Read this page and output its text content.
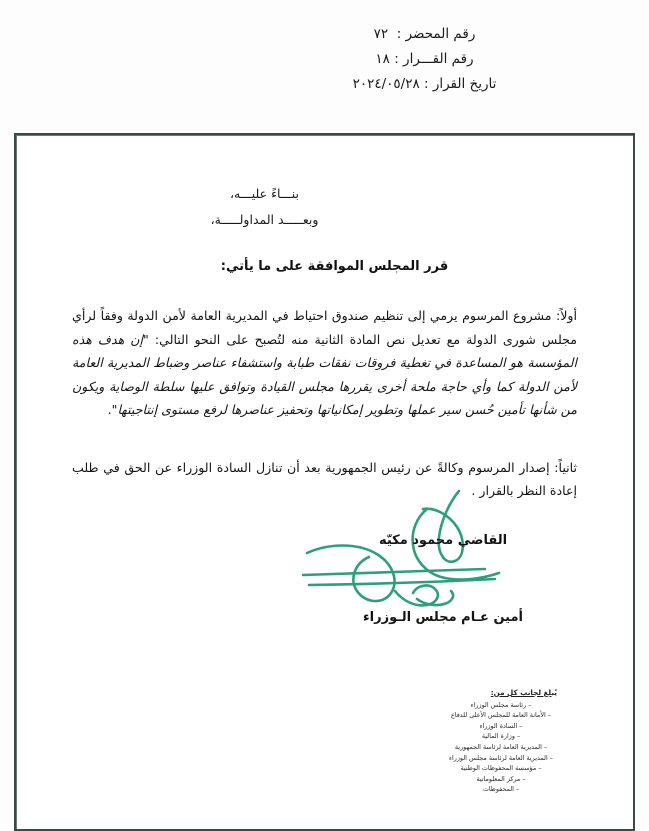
رقم المحضر :  ٧٢
رقم القـــرار : ١٨
تاريخ القرار : ٢٠٢٤/٠٥/٢٨
بنـــاءً عليـــه،
وبعـــــد المداولـــــة،
قرر المجلس الموافقة على ما يأتي:

أولاً: مشروع المرسوم يرمي إلى تنظيم صندوق احتياط في المديرية العامة لأمن الدولة وفقاً لرأي مجلس شورى الدولة مع تعديل نص المادة الثانية منه لتُصبح على النحو التالي: "إن هدف هذه المؤسسة هو المساعدة في تغطية فروقات نفقات طبابة واستشفاء عناصر وضباط المديرية العامة لأمن الدولة كما وأي حاجة ملحة أخرى يقررها مجلس القيادة وتوافق عليها سلطة الوصاية ويكون من شأنها تأمين حُسن سير عملها وتطوير إمكانياتها وتحفيز عناصرها لرفع مستوى إنتاجيتها".

ثانياً: إصدار المرسوم وكالةً عن رئيس الجمهورية بعد أن تنازل السادة الوزراء عن الحق في طلب إعادة النظر بالقرار .

القاضي محمود مكيّه
أمين عـام مجلس الـوزراء
يُبلغ لجانب كل من:
– رئاسة مجلس الوزراء
– الأمانة العامة للمجلس الأعلى للدفاع
– السادة الوزراء
– وزارة المالية
– المديرية العامة لرئاسة الجمهورية
– المديرية العامة لرئاسة مجلس الوزراء
– مؤسسة المحفوظات الوطنية
– مركز المعلوماتية
– المحفوظات
